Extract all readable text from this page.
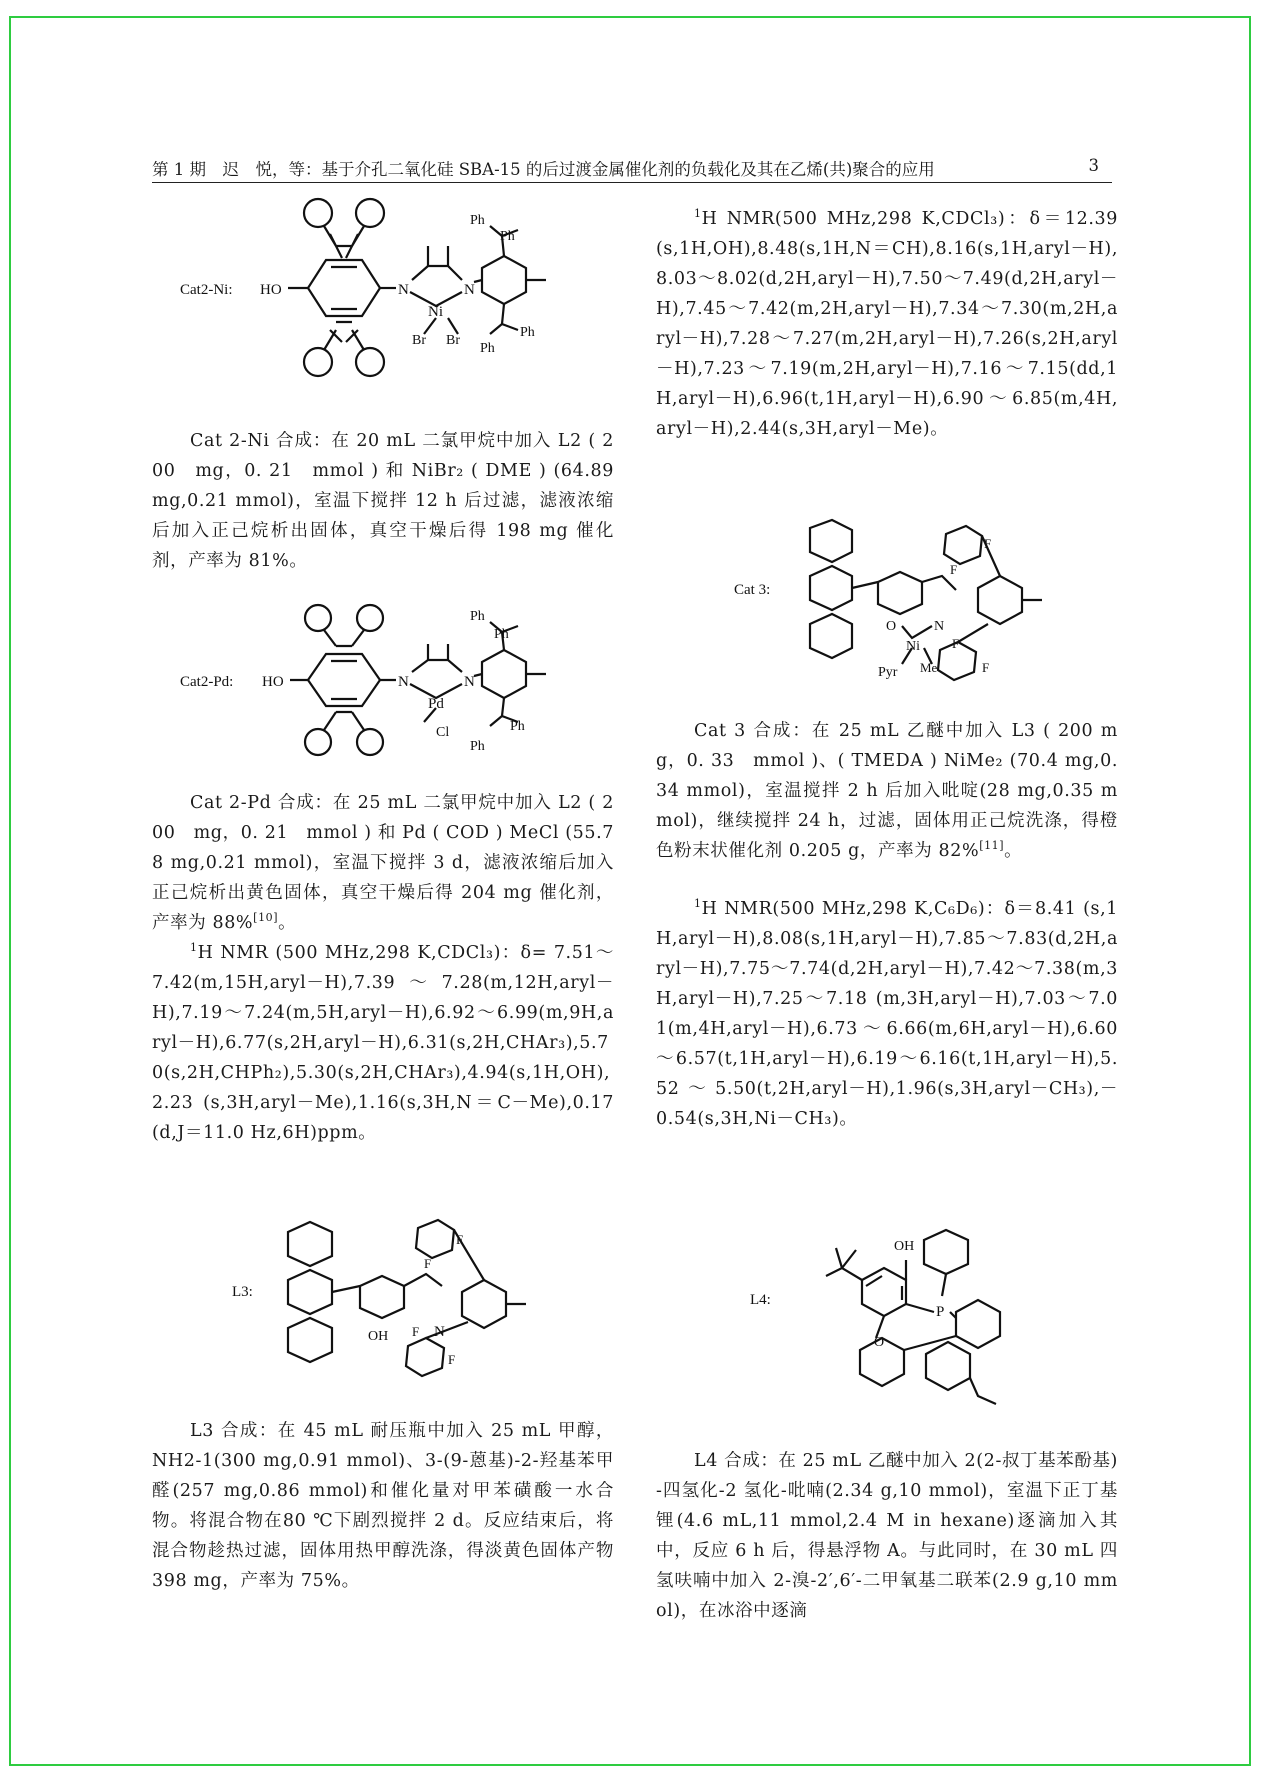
第 1 期　迟　悦，等：基于介孔二氧化硅 SBA-15 的后过渡金属催化剂的负载化及其在乙烯(共)聚合的应用	3
Cat2-Ni: HO	N	N
Ni
Br Br
Ph
Ph
Ph
Ph
Cat 2-Ni 合成：在 20 mL 二氯甲烷中加入 L2 ( 200　mg，0. 21　mmol ) 和 NiBr₂ ( DME ) (64.89 mg,0.21 mmol)，室温下搅拌 12 h 后过滤，滤液浓缩后加入正己烷析出固体，真空干燥后得 198 mg 催化剂，产率为 81%。
Cat2-Pd: HO	N	N
Pd
Cl
Ph
Ph
Ph
Ph
Cat 2-Pd 合成：在 25 mL 二氯甲烷中加入 L2 ( 200　mg，0. 21　mmol ) 和 Pd ( COD ) MeCl (55.78 mg,0.21 mmol)，室温下搅拌 3 d，滤液浓缩后加入正己烷析出黄色固体，真空干燥后得 204 mg 催化剂，产率为 88%[10]。
$^1$H NMR (500 MHz,298 K,CDCl₃)：δ= 7.51～7.42(m,15H,aryl－H),7.39～7.28(m,12H,aryl－H),7.19～7.24(m,5H,aryl－H),6.92～6.99(m,9H,aryl－H),6.77(s,2H,aryl－H),6.31(s,2H,CHAr₃),5.70(s,2H,CHPh₂),5.30(s,2H,CHAr₃),4.94(s,1H,OH),2.23 (s,3H,aryl－Me),1.16(s,3H,N＝C－Me),0.17 (d,J＝11.0 Hz,6H)ppm。
L3:
OH	N
F
F
F
F
L3 合成：在 45 mL 耐压瓶中加入 25 mL 甲醇，NH2-1(300 mg,0.91 mmol)、3-(9-蒽基)-2-羟基苯甲醛(257 mg,0.86 mmol)和催化量对甲苯磺酸一水合物。将混合物在80 ℃下剧烈搅拌 2 d。反应结束后，将混合物趁热过滤，固体用热甲醇洗涤，得淡黄色固体产物 398 mg，产率为 75%。
$^1$H NMR(500 MHz,298 K,CDCl₃)：δ＝12.39(s,1H,OH),8.48(s,1H,N＝CH),8.16(s,1H,aryl－H),8.03～8.02(d,2H,aryl－H),7.50～7.49(d,2H,aryl－H),7.45～7.42(m,2H,aryl－H),7.34～7.30(m,2H,aryl－H),7.28～7.27(m,2H,aryl－H),7.26(s,2H,aryl－H),7.23～7.19(m,2H,aryl－H),7.16～7.15(dd,1H,aryl－H),6.96(t,1H,aryl－H),6.90～6.85(m,4H,aryl－H),2.44(s,3H,aryl－Me)。
Cat 3:
O	N
Ni
Pyr Me
F
F
F
F
Cat 3 合成：在 25 mL 乙醚中加入 L3 ( 200 mg，0. 33　mmol )、( TMEDA ) NiMe₂ (70.4 mg,0.34 mmol)，室温搅拌 2 h 后加入吡啶(28 mg,0.35 mmol)，继续搅拌 24 h，过滤，固体用正己烷洗涤，得橙色粉末状催化剂 0.205 g，产率为 82%[11]。
$^1$H NMR(500 MHz,298 K,C₆D₆)：δ＝8.41 (s,1H,aryl－H),8.08(s,1H,aryl－H),7.85～7.83(d,2H,aryl－H),7.75～7.74(d,2H,aryl－H),7.42～7.38(m,3H,aryl－H),7.25～7.18 (m,3H,aryl－H),7.03～7.01(m,4H,aryl－H),6.73～6.66(m,6H,aryl－H),6.60～6.57(t,1H,aryl－H),6.19～6.16(t,1H,aryl－H),5.52～5.50(t,2H,aryl－H),1.96(s,3H,aryl－CH₃),－0.54(s,3H,Ni－CH₃)。
L4:
OH
P
O
L4 合成：在 25 mL 乙醚中加入 2(2-叔丁基苯酚基)-四氢化-2 氢化-吡喃(2.34 g,10 mmol)，室温下正丁基锂(4.6 mL,11 mmol,2.4 M in hexane)逐滴加入其中，反应 6 h 后，得悬浮物 A。与此同时，在 30 mL 四氢呋喃中加入 2-溴-2′,6′-二甲氧基二联苯(2.9 g,10 mmol)，在冰浴中逐滴
